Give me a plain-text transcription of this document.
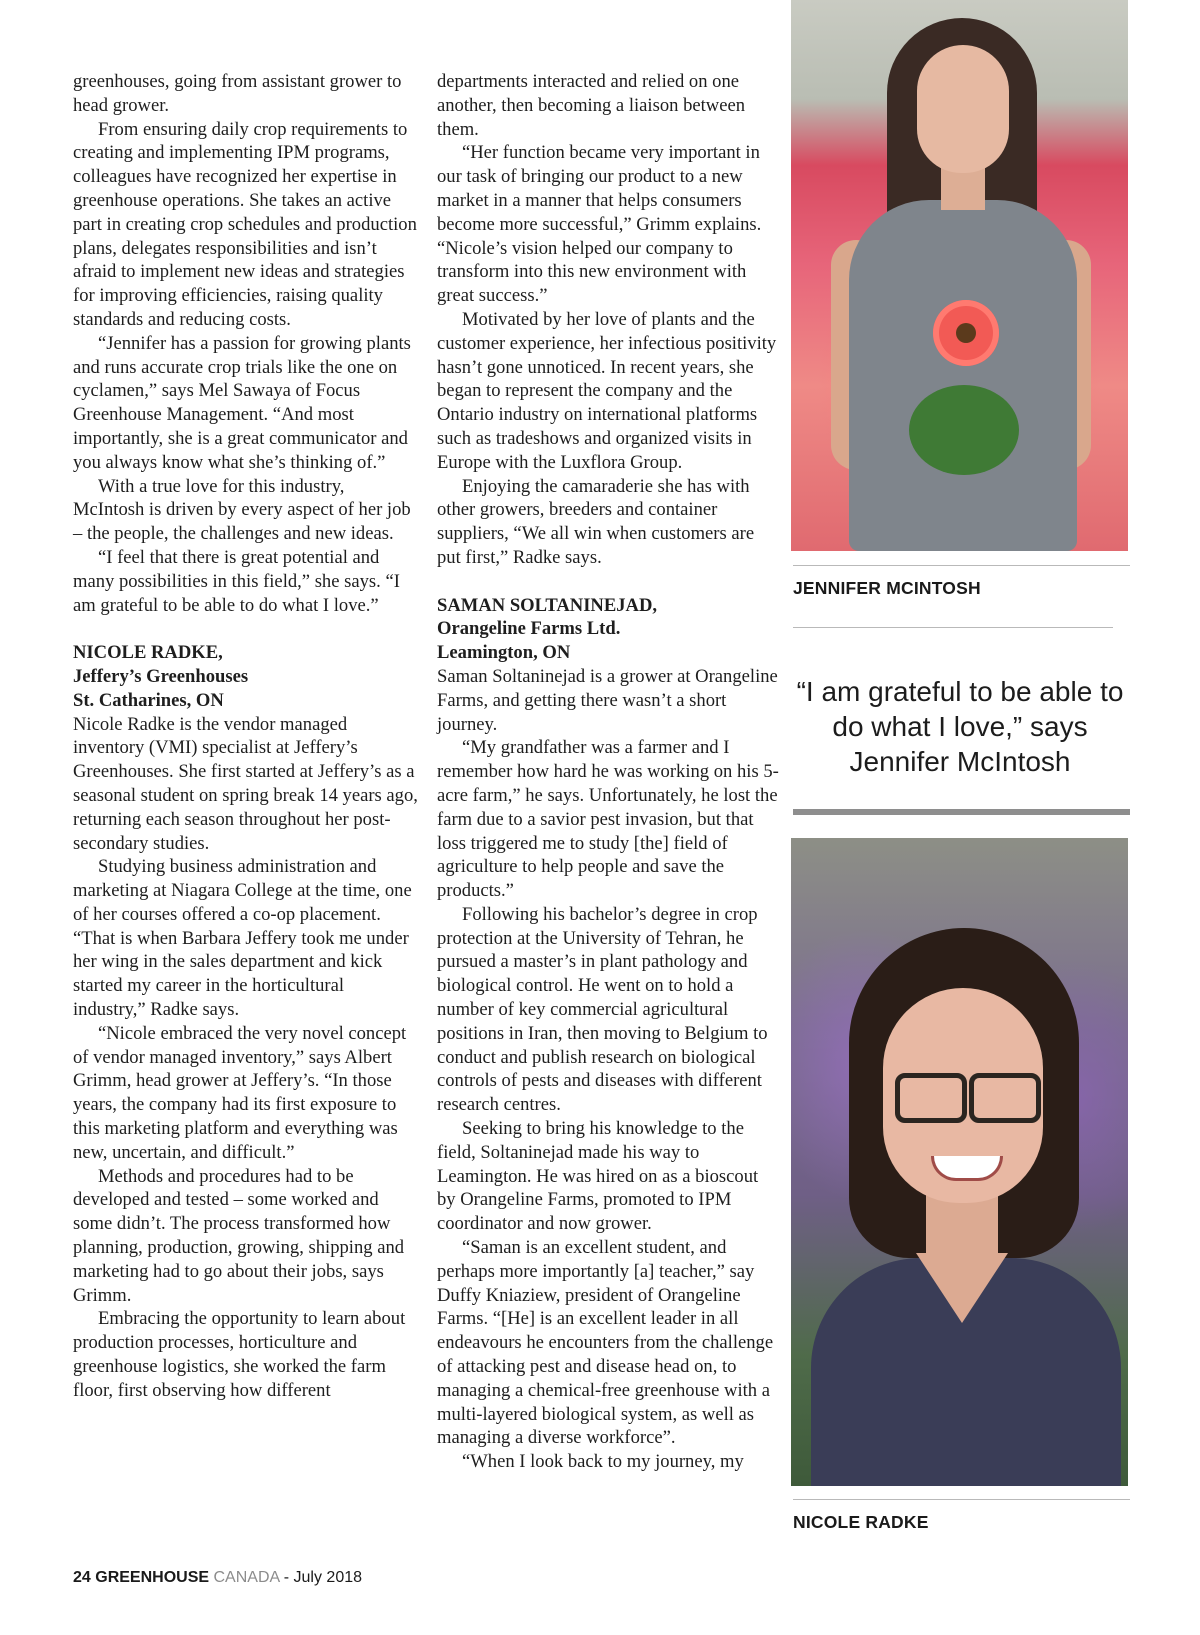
greenhouses, going from assistant grower to head grower.

From ensuring daily crop requirements to creating and implementing IPM programs, colleagues have recognized her expertise in greenhouse operations. She takes an active part in creating crop schedules and production plans, delegates responsibilities and isn’t afraid to implement new ideas and strategies for improving efficiencies, raising quality standards and reducing costs.

“Jennifer has a passion for growing plants and runs accurate crop trials like the one on cyclamen,” says Mel Sawaya of Focus Greenhouse Management. “And most importantly, she is a great communicator and you always know what she’s thinking of.”

With a true love for this industry, McIntosh is driven by every aspect of her job – the people, the challenges and new ideas.

“I feel that there is great potential and many possibilities in this field,” she says. “I am grateful to be able to do what I love.”

NICOLE RADKE,

Jeffery’s Greenhouses

St. Catharines, ON

Nicole Radke is the vendor managed inventory (VMI) specialist at Jeffery’s Greenhouses. She first started at Jeffery’s as a seasonal student on spring break 14 years ago, returning each season throughout her post-secondary studies.

Studying business administration and marketing at Niagara College at the time, one of her courses offered a co-op placement. “That is when Barbara Jeffery took me under her wing in the sales department and kick started my career in the horticultural industry,” Radke says.

“Nicole embraced the very novel concept of vendor managed inventory,” says Albert Grimm, head grower at Jeffery’s. “In those years, the company had its first exposure to this marketing platform and everything was new, uncertain, and difficult.”

Methods and procedures had to be developed and tested – some worked and some didn’t. The process transformed how planning, production, growing, shipping and marketing had to go about their jobs, says Grimm.

Embracing the opportunity to learn about production processes, horticulture and greenhouse logistics, she worked the farm floor, first observing how different

departments interacted and relied on one another, then becoming a liaison between them.

“Her function became very important in our task of bringing our product to a new market in a manner that helps consumers become more successful,” Grimm explains. “Nicole’s vision helped our company to transform into this new environment with great success.”

Motivated by her love of plants and the customer experience, her infectious positivity hasn’t gone unnoticed. In recent years, she began to represent the company and the Ontario industry on international platforms such as tradeshows and organized visits in Europe with the Luxflora Group.

Enjoying the camaraderie she has with other growers, breeders and container suppliers, “We all win when customers are put first,” Radke says.

SAMAN SOLTANINEJAD,

Orangeline Farms Ltd.

Leamington, ON

Saman Soltaninejad is a grower at Orangeline Farms, and getting there wasn’t a short journey.

“My grandfather was a farmer and I remember how hard he was working on his 5-acre farm,” he says. Unfortunately, he lost the farm due to a savior pest invasion, but that loss triggered me to study [the] field of agriculture to help people and save the products.”

Following his bachelor’s degree in crop protection at the University of Tehran, he pursued a master’s in plant pathology and biological control. He went on to hold a number of key commercial agricultural positions in Iran, then moving to Belgium to conduct and publish research on biological controls of pests and diseases with different research centres.

Seeking to bring his knowledge to the field, Soltaninejad made his way to Leamington. He was hired on as a bioscout by Orangeline Farms, promoted to IPM coordinator and now grower.

“Saman is an excellent student, and perhaps more importantly [a] teacher,” say Duffy Kniaziew, president of Orangeline Farms. “[He] is an excellent leader in all endeavours he encounters from the challenge of attacking pest and disease head on, to managing a chemical-free greenhouse with a multi-layered biological system, as well as managing a diverse workforce”.

“When I look back to my journey, my

JENNIFER MCINTOSH
“I am grateful to be able to do what I love,” says Jennifer McIntosh
NICOLE RADKE
24 GREENHOUSE CANADA - July 2018
